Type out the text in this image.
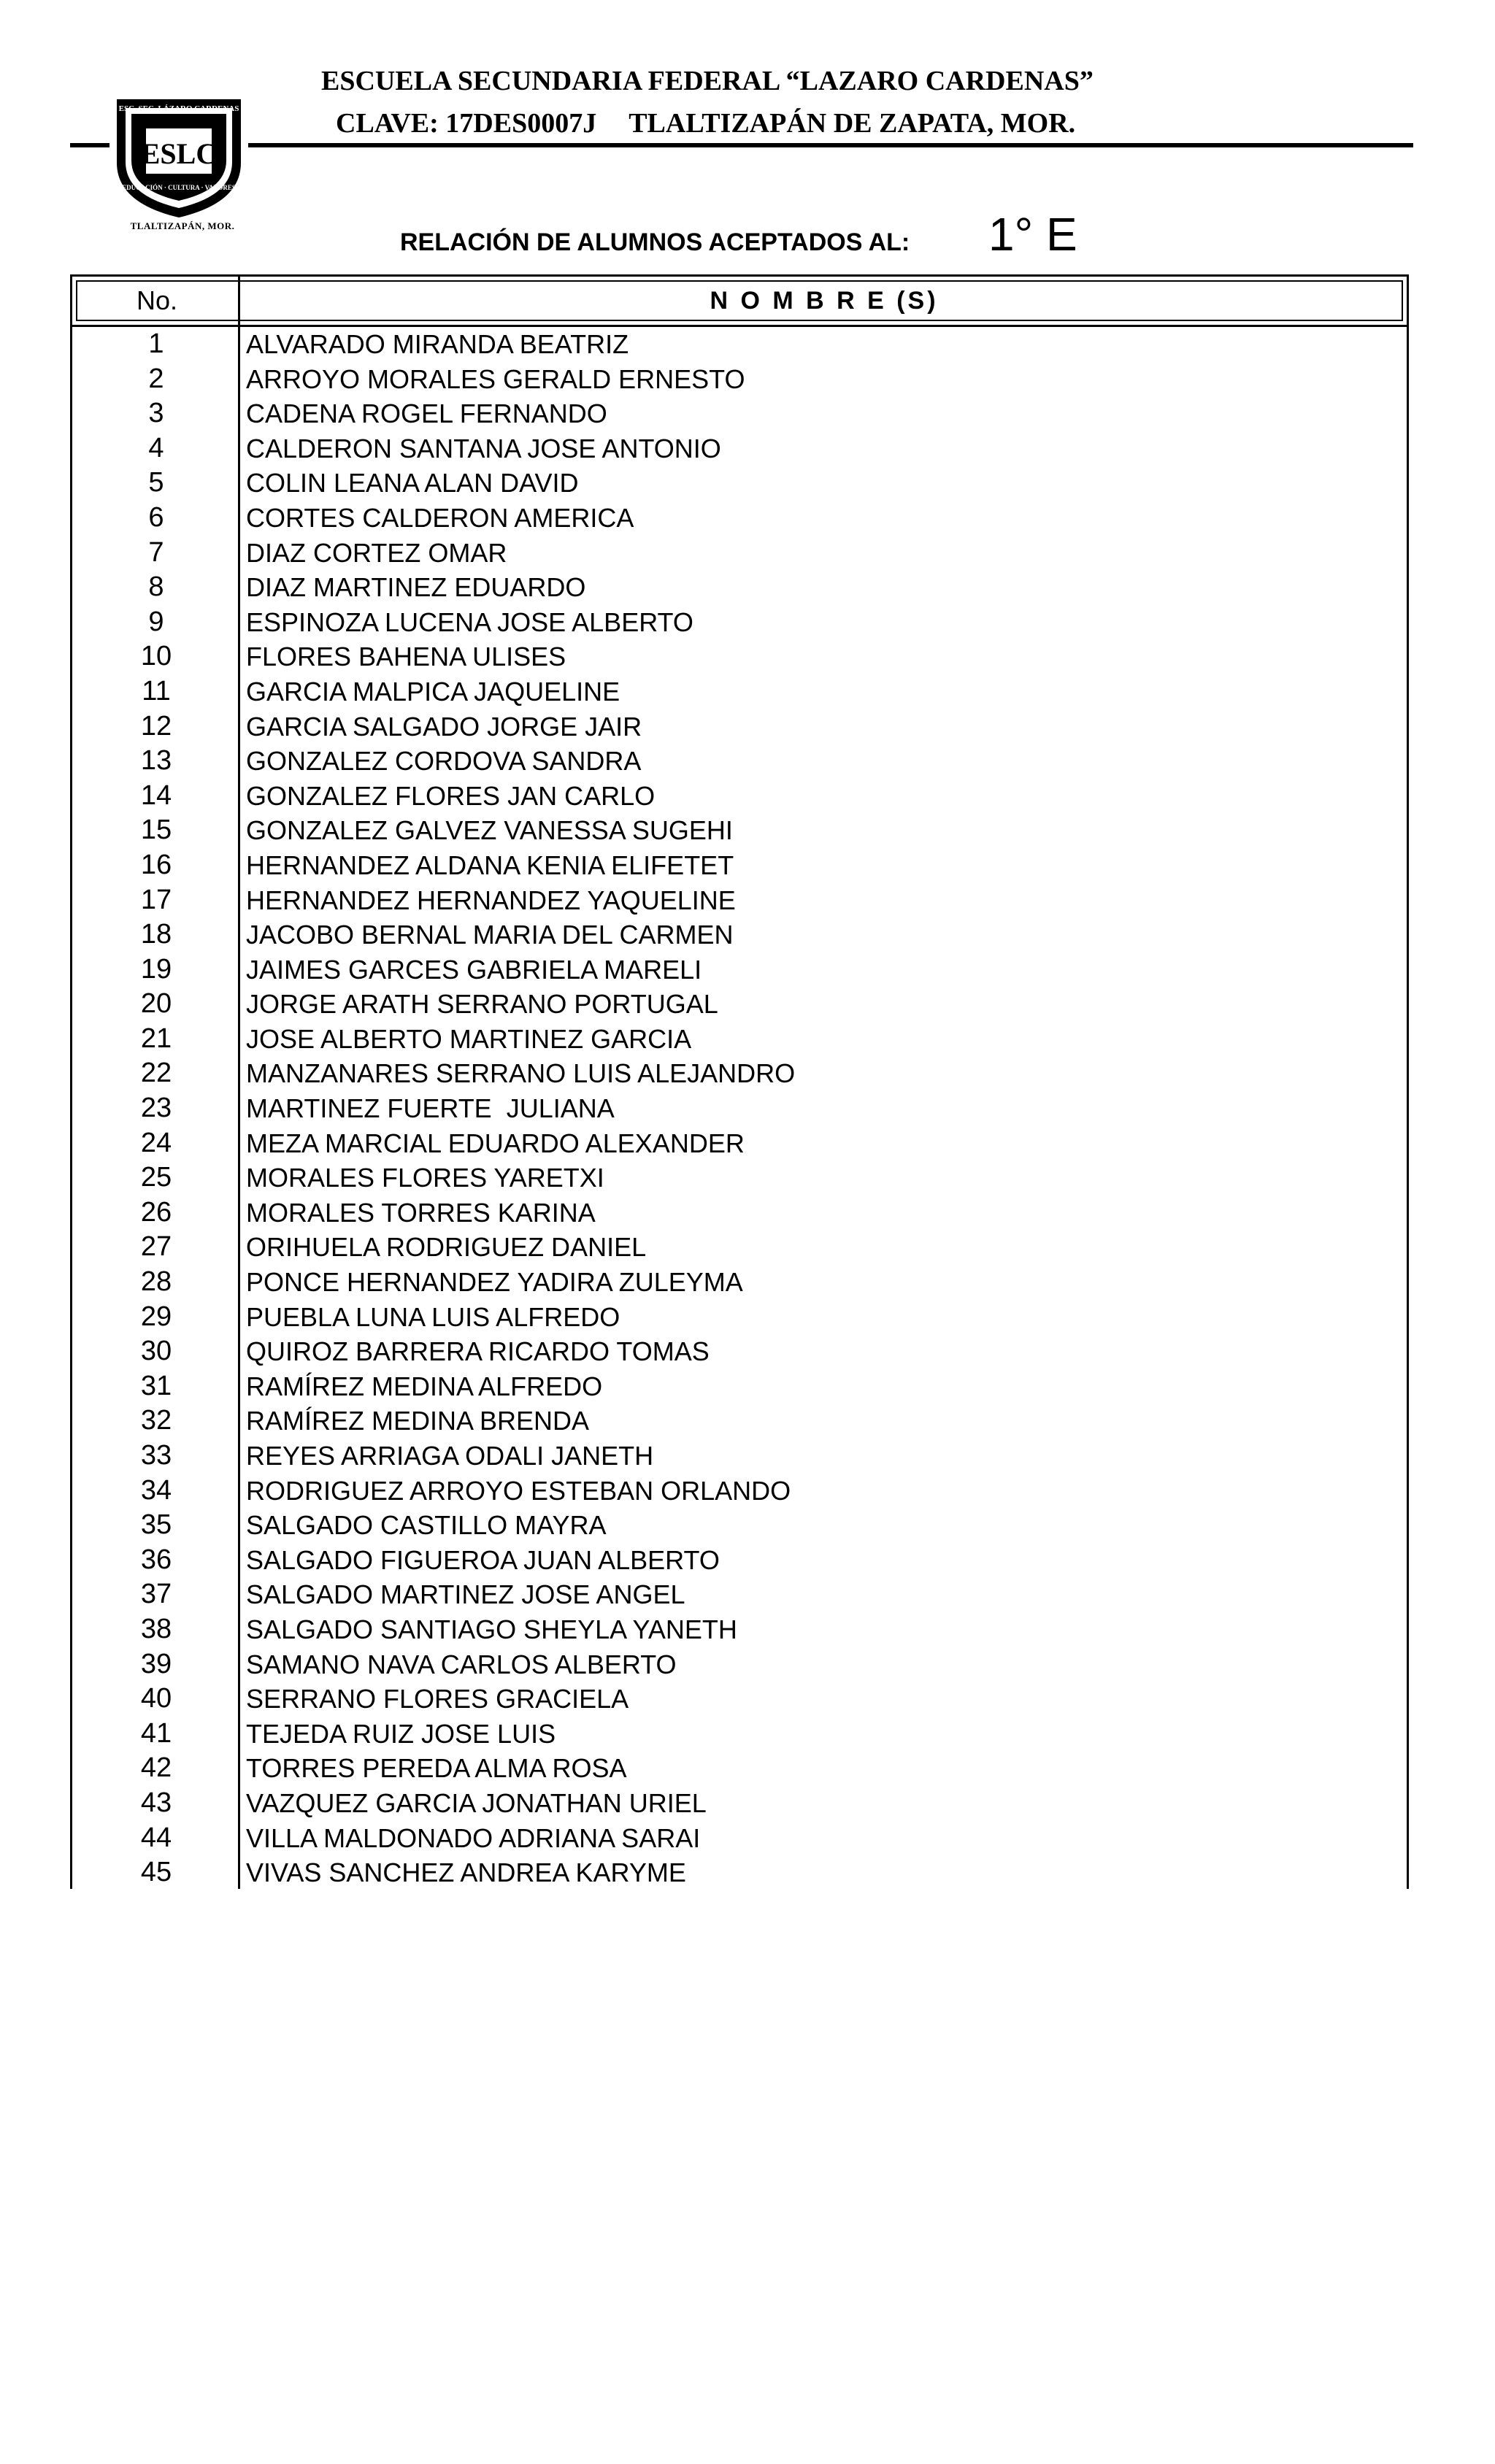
ESCUELA SECUNDARIA FEDERAL “LAZARO CARDENAS”
CLAVE: 17DES0007J TLALTIZAPÁN DE ZAPATA, MOR.
ESC. SEC. LÁZARO CARDENAS
ESLC
EDUCACIÓN · CULTURA · VALORES
TLALTIZAPÁN, MOR.
RELACIÓN DE ALUMNOS ACEPTADOS AL: 1° E
No.	N O M B R E (S)
1	ALVARADO MIRANDA BEATRIZ
2	ARROYO MORALES GERALD ERNESTO
3	CADENA ROGEL FERNANDO
4	CALDERON SANTANA JOSE ANTONIO
5	COLIN LEANA ALAN DAVID
6	CORTES CALDERON AMERICA
7	DIAZ CORTEZ OMAR
8	DIAZ MARTINEZ EDUARDO
9	ESPINOZA LUCENA JOSE ALBERTO
10	FLORES BAHENA ULISES
11	GARCIA MALPICA JAQUELINE
12	GARCIA SALGADO JORGE JAIR
13	GONZALEZ CORDOVA SANDRA
14	GONZALEZ FLORES JAN CARLO
15	GONZALEZ GALVEZ VANESSA SUGEHI
16	HERNANDEZ ALDANA KENIA ELIFETET
17	HERNANDEZ HERNANDEZ YAQUELINE
18	JACOBO BERNAL MARIA DEL CARMEN
19	JAIMES GARCES GABRIELA MARELI
20	JORGE ARATH SERRANO PORTUGAL
21	JOSE ALBERTO MARTINEZ GARCIA
22	MANZANARES SERRANO LUIS ALEJANDRO
23	MARTINEZ FUERTE  JULIANA
24	MEZA MARCIAL EDUARDO ALEXANDER
25	MORALES FLORES YARETXI
26	MORALES TORRES KARINA
27	ORIHUELA RODRIGUEZ DANIEL
28	PONCE HERNANDEZ YADIRA ZULEYMA
29	PUEBLA LUNA LUIS ALFREDO
30	QUIROZ BARRERA RICARDO TOMAS
31	RAMÍREZ MEDINA ALFREDO
32	RAMÍREZ MEDINA BRENDA
33	REYES ARRIAGA ODALI JANETH
34	RODRIGUEZ ARROYO ESTEBAN ORLANDO
35	SALGADO CASTILLO MAYRA
36	SALGADO FIGUEROA JUAN ALBERTO
37	SALGADO MARTINEZ JOSE ANGEL
38	SALGADO SANTIAGO SHEYLA YANETH
39	SAMANO NAVA CARLOS ALBERTO
40	SERRANO FLORES GRACIELA
41	TEJEDA RUIZ JOSE LUIS
42	TORRES PEREDA ALMA ROSA
43	VAZQUEZ GARCIA JONATHAN URIEL
44	VILLA MALDONADO ADRIANA SARAI
45	VIVAS SANCHEZ ANDREA KARYME
